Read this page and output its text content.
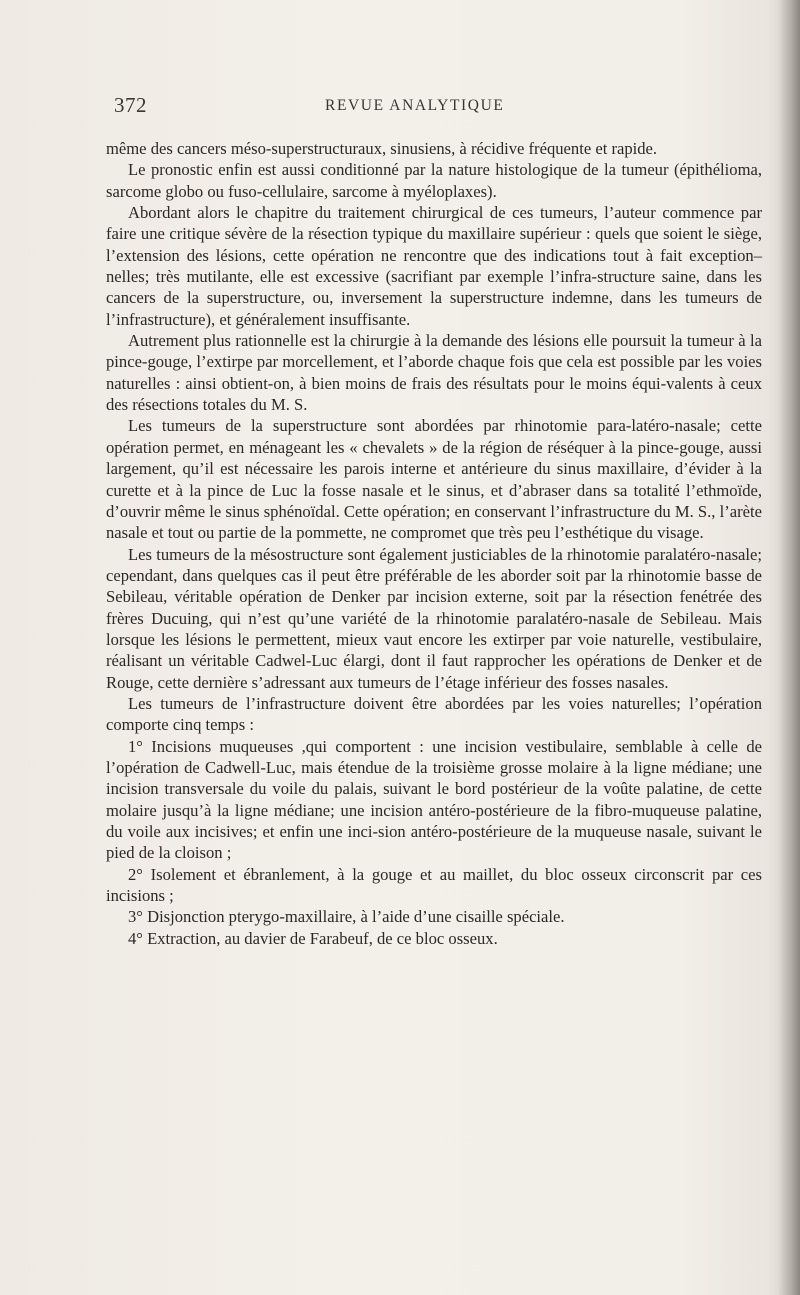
372	REVUE ANALYTIQUE

même des cancers méso-superstructuraux, sinusiens, à récidive fréquente et rapide.

Le pronostic enfin est aussi conditionné par la nature histologique de la tumeur (épithélioma, sarcome globo ou fuso-cellulaire, sarcome à myéloplaxes).

Abordant alors le chapitre du traitement chirurgical de ces tumeurs, l’auteur commence par faire une critique sévère de la résection typique du maxillaire supérieur : quels que soient le siège, l’extension des lésions, cette opération ne rencontre que des indications tout à fait exception–nelles; très mutilante, elle est excessive (sacrifiant par exemple l’infra-structure saine, dans les cancers de la superstructure, ou, inversement la superstructure indemne, dans les tumeurs de l’infrastructure), et généralement insuffisante.

Autrement plus rationnelle est la chirurgie à la demande des lésions elle poursuit la tumeur à la pince-gouge, l’extirpe par morcellement, et l’aborde chaque fois que cela est possible par les voies naturelles : ainsi obtient-on, à bien moins de frais des résultats pour le moins équi-valents à ceux des résections totales du M. S.

Les tumeurs de la superstructure sont abordées par rhinotomie para-latéro-nasale; cette opération permet, en ménageant les « chevalets » de la région de réséquer à la pince-gouge, aussi largement, qu’il est nécessaire les parois interne et antérieure du sinus maxillaire, d’évider à la curette et à la pince de Luc la fosse nasale et le sinus, et d’abraser dans sa totalité l’ethmoïde, d’ouvrir même le sinus sphénoïdal. Cette opération; en conservant l’infrastructure du M. S., l’arète nasale et tout ou partie de la pommette, ne compromet que très peu l’esthétique du visage.

Les tumeurs de la mésostructure sont également justiciables de la rhinotomie paralatéro-nasale; cependant, dans quelques cas il peut être préférable de les aborder soit par la rhinotomie basse de Sebileau, véritable opération de Denker par incision externe, soit par la résection fenétrée des frères Ducuing, qui n’est qu’une variété de la rhinotomie paralatéro-nasale de Sebileau. Mais lorsque les lésions le permettent, mieux vaut encore les extirper par voie naturelle, vestibulaire, réalisant un véritable Cadwel-Luc élargi, dont il faut rapprocher les opérations de Denker et de Rouge, cette dernière s’adressant aux tumeurs de l’étage inférieur des fosses nasales.

Les tumeurs de l’infrastructure doivent être abordées par les voies naturelles; l’opération comporte cinq temps :

1° Incisions muqueuses ,qui comportent : une incision vestibulaire, semblable à celle de l’opération de Cadwell-Luc, mais étendue de la troisième grosse molaire à la ligne médiane; une incision transversale du voile du palais, suivant le bord postérieur de la voûte palatine, de cette molaire jusqu’à la ligne médiane; une incision antéro-postérieure de la fibro-muqueuse palatine, du voile aux incisives; et enfin une inci-sion antéro-postérieure de la muqueuse nasale, suivant le pied de la cloison ;

2° Isolement et ébranlement, à la gouge et au maillet, du bloc osseux circonscrit par ces incisions ;

3° Disjonction pterygo-maxillaire, à l’aide d’une cisaille spéciale.

4° Extraction, au davier de Farabeuf, de ce bloc osseux.
